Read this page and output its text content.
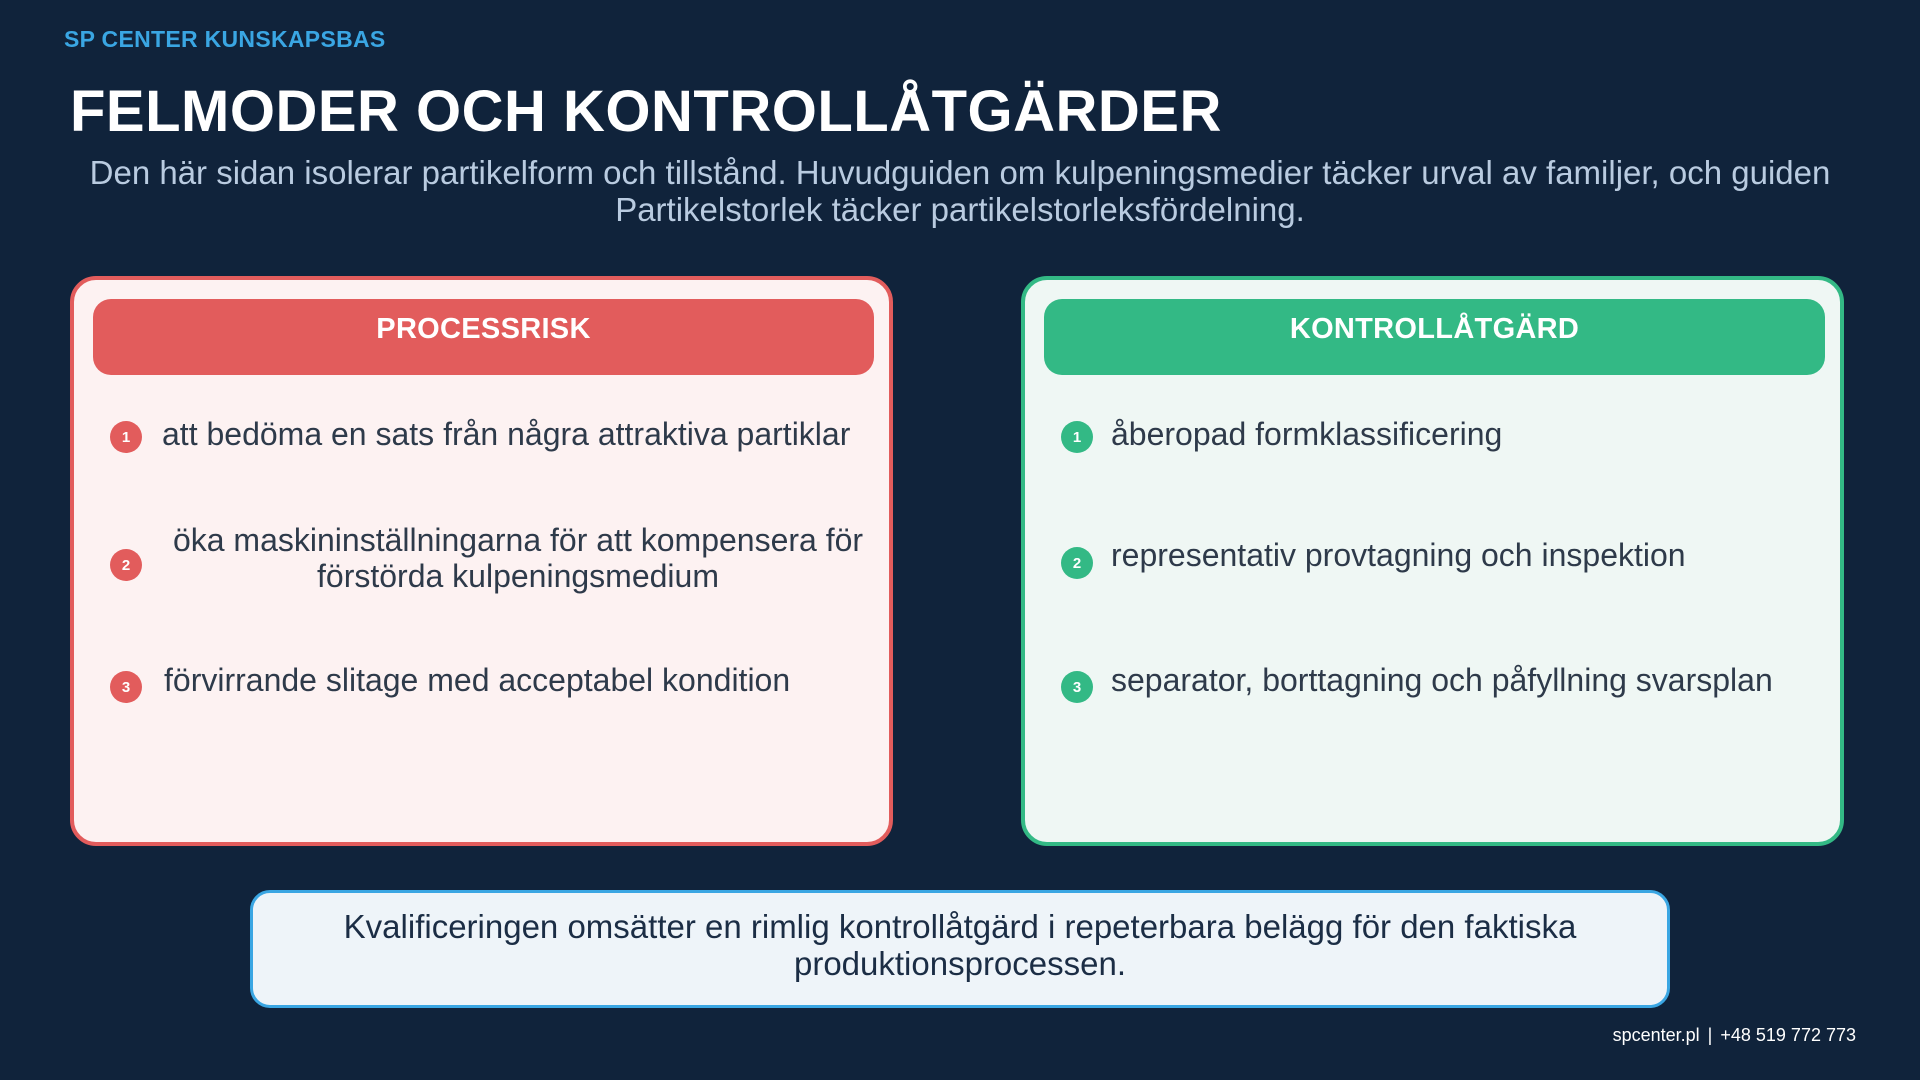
SP CENTER KUNSKAPSBAS
FELMODER OCH KONTROLLÅTGÄRDER
Den här sidan isolerar partikelform och tillstånd. Huvudguiden om kulpeningsmedier täcker urval av familjer, och guiden Partikelstorlek täcker partikelstorleksfördelning.
PROCESSRISK
1 att bedöma en sats från några attraktiva partiklar
2
öka maskininställningarna för att kompensera för förstörda kulpeningsmedium
3	förvirrande slitage med acceptabel kondition
KONTROLLÅTGÄRD
1 åberopad formklassificering
2 representativ provtagning och inspektion
3 separator, borttagning och påfyllning svarsplan
Kvalificeringen omsätter en rimlig kontrollåtgärd i repeterbara belägg för den faktiska produktionsprocessen.
spcenter.pl | +48 519 772 773
